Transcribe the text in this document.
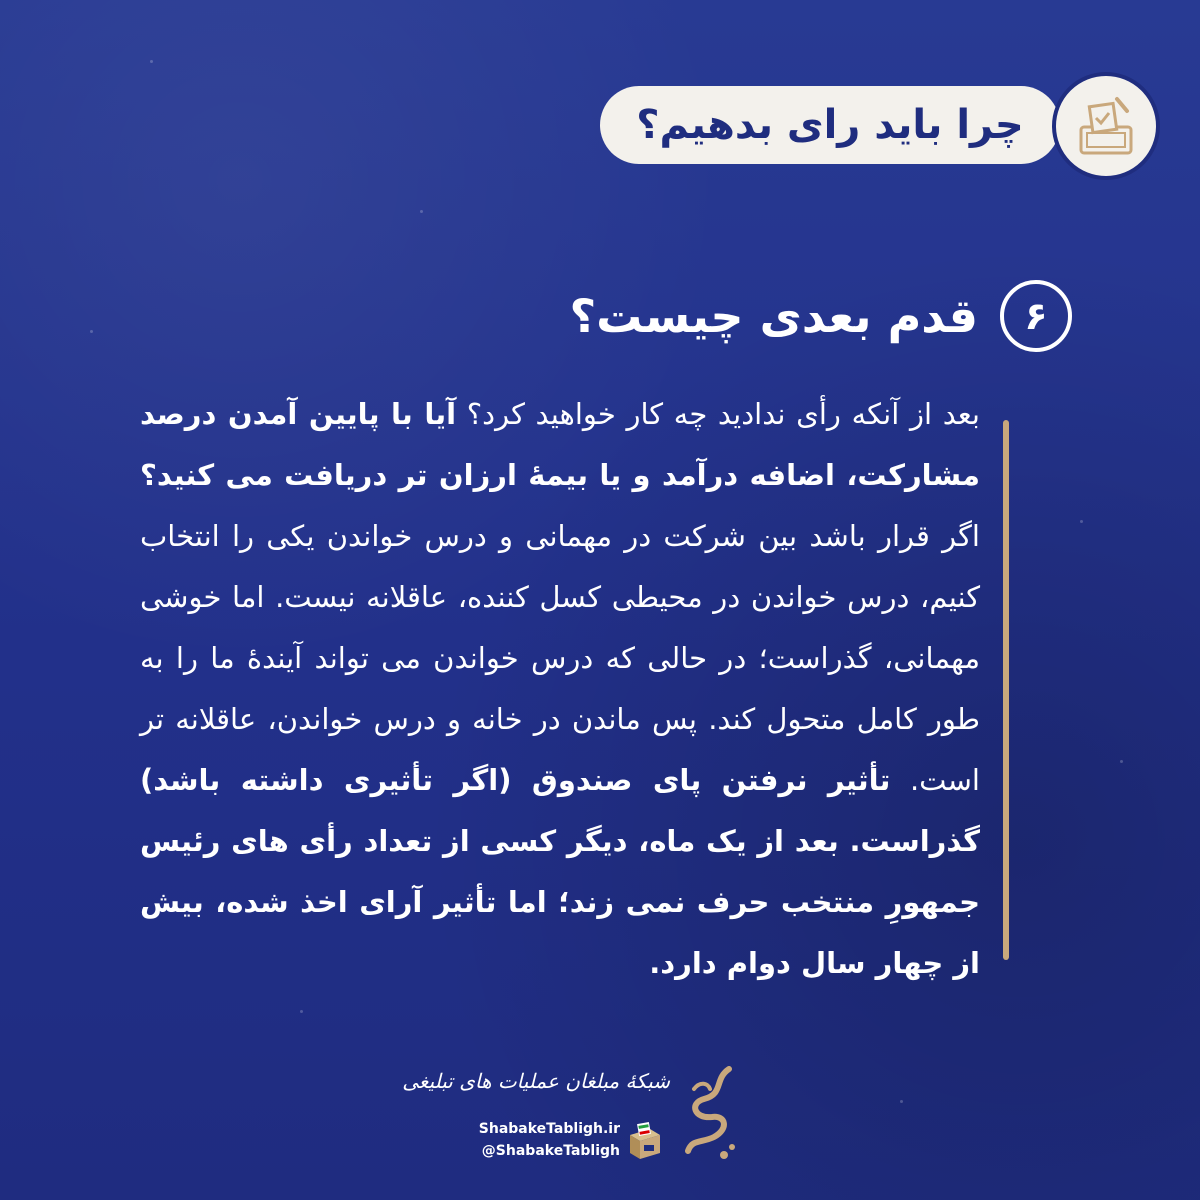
چرا باید رای بدهیم؟
۶
قدم بعدی چیست؟
بعد از آنکه رأی ندادید چه کار خواهید کرد؟ آیا با پایین آمدن درصد مشارکت، اضافه درآمد و یا بیمهٔ ارزان تر دریافت می کنید؟ اگر قرار باشد بین شرکت در مهمانی و درس خواندن یکی را انتخاب کنیم، درس خواندن در محیطی کسل کننده، عاقلانه نیست. اما خوشی مهمانی، گذراست؛ در حالی که درس خواندن می تواند آیندهٔ ما را به طور کامل متحول کند. پس ماندن در خانه و درس خواندن، عاقلانه تر است. تأثیر نرفتن پای صندوق (اگر تأثیری داشته باشد) گذراست. بعد از یک ماه، دیگر کسی از تعداد رأی های رئیس جمهورِ منتخب حرف نمی زند؛ اما تأثیر آرای اخذ شده، بیش از چهار سال دوام دارد.
شبکهٔ مبلغان عملیات های تبلیغی
ShabakeTabligh.ir
@ShabakeTabligh
